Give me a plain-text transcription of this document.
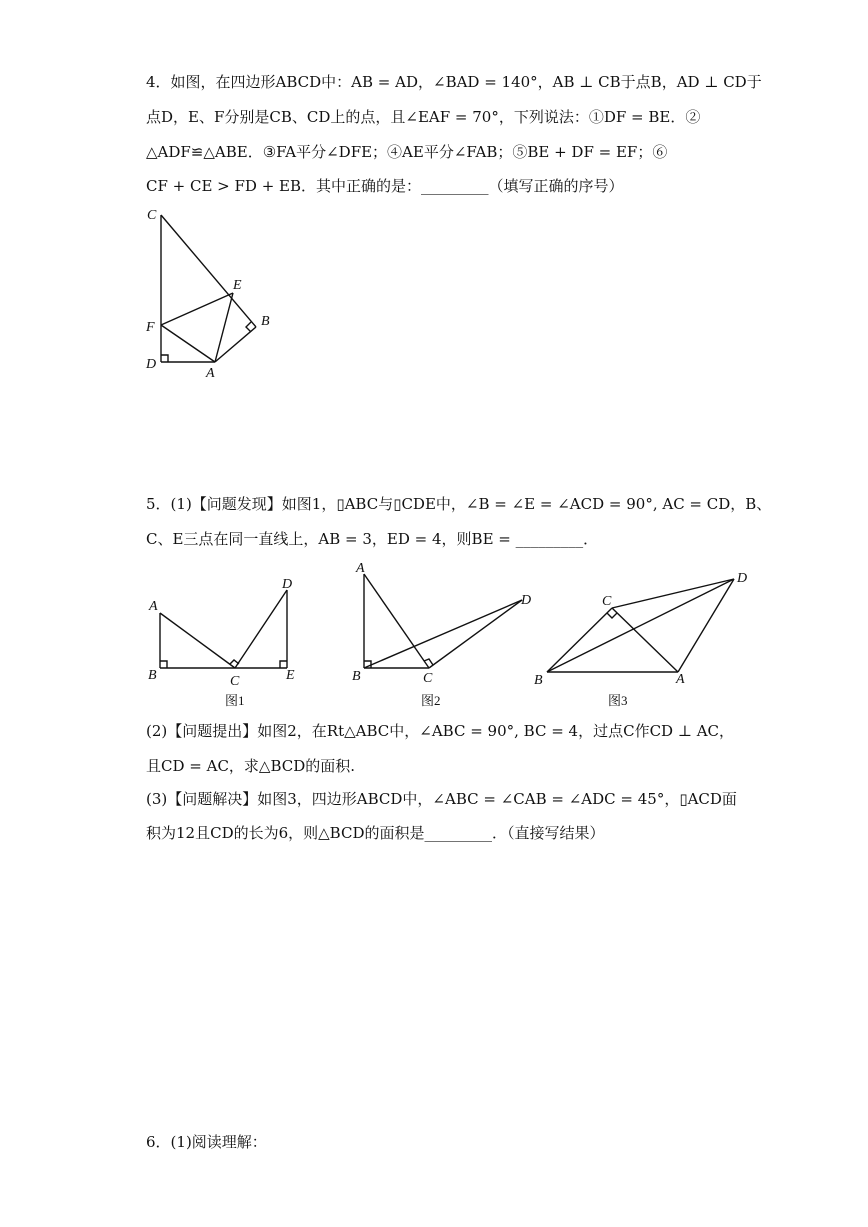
4．如图，在四边形ABCD中：AB = AD，∠BAD = 140°，AB ⊥ CB于点B，AD ⊥ CD于
点D，E、F分别是CB、CD上的点，且∠EAF = 70°，下列说法：①DF = BE．②
△ADF≌△ABE．③FA平分∠DFE；④AE平分∠FAB；⑤BE + DF = EF；⑥
CF + CE > FD + EB．其中正确的是：_________（填写正确的序号）
C
E
B
F
D
A
5．(1)【问题发现】如图1，▯ABC与▯CDE中，∠B = ∠E = ∠ACD = 90°, AC = CD，B、
C、E三点在同一直线上，AB = 3，ED = 4，则BE = _________．
A
B	C
D
E
图1
A
B	C
D
图2
C
D
B	A
图3
(2)【问题提出】如图2，在Rt△ABC中，∠ABC = 90°, BC = 4，过点C作CD ⊥ AC，
且CD = AC，求△BCD的面积.
(3)【问题解决】如图3，四边形ABCD中，∠ABC = ∠CAB = ∠ADC = 45°，▯ACD面
积为12且CD的长为6，则△BCD的面积是_________．（直接写结果）
6．(1)阅读理解：
